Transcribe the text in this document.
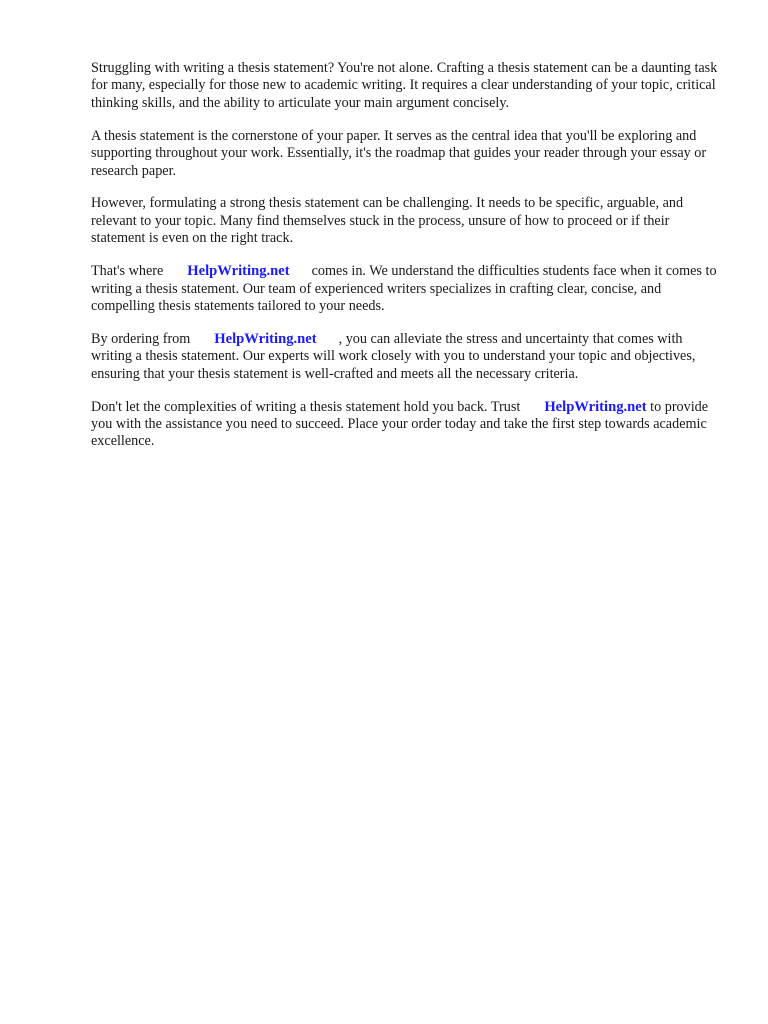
Struggling with writing a thesis statement? You're not alone. Crafting a thesis statement can be a daunting task for many, especially for those new to academic writing. It requires a clear understanding of your topic, critical thinking skills, and the ability to articulate your main argument concisely.

A thesis statement is the cornerstone of your paper. It serves as the central idea that you'll be exploring and supporting throughout your work. Essentially, it's the roadmap that guides your reader through your essay or research paper.

However, formulating a strong thesis statement can be challenging. It needs to be specific, arguable, and relevant to your topic. Many find themselves stuck in the process, unsure of how to proceed or if their statement is even on the right track.

That's where HelpWriting.net comes in. We understand the difficulties students face when it comes to writing a thesis statement. Our team of experienced writers specializes in crafting clear, concise, and compelling thesis statements tailored to your needs.

By ordering from HelpWriting.net , you can alleviate the stress and uncertainty that comes with writing a thesis statement. Our experts will work closely with you to understand your topic and objectives, ensuring that your thesis statement is well-crafted and meets all the necessary criteria.

Don't let the complexities of writing a thesis statement hold you back. Trust HelpWriting.net to provide you with the assistance you need to succeed. Place your order today and take the first step towards academic excellence.
